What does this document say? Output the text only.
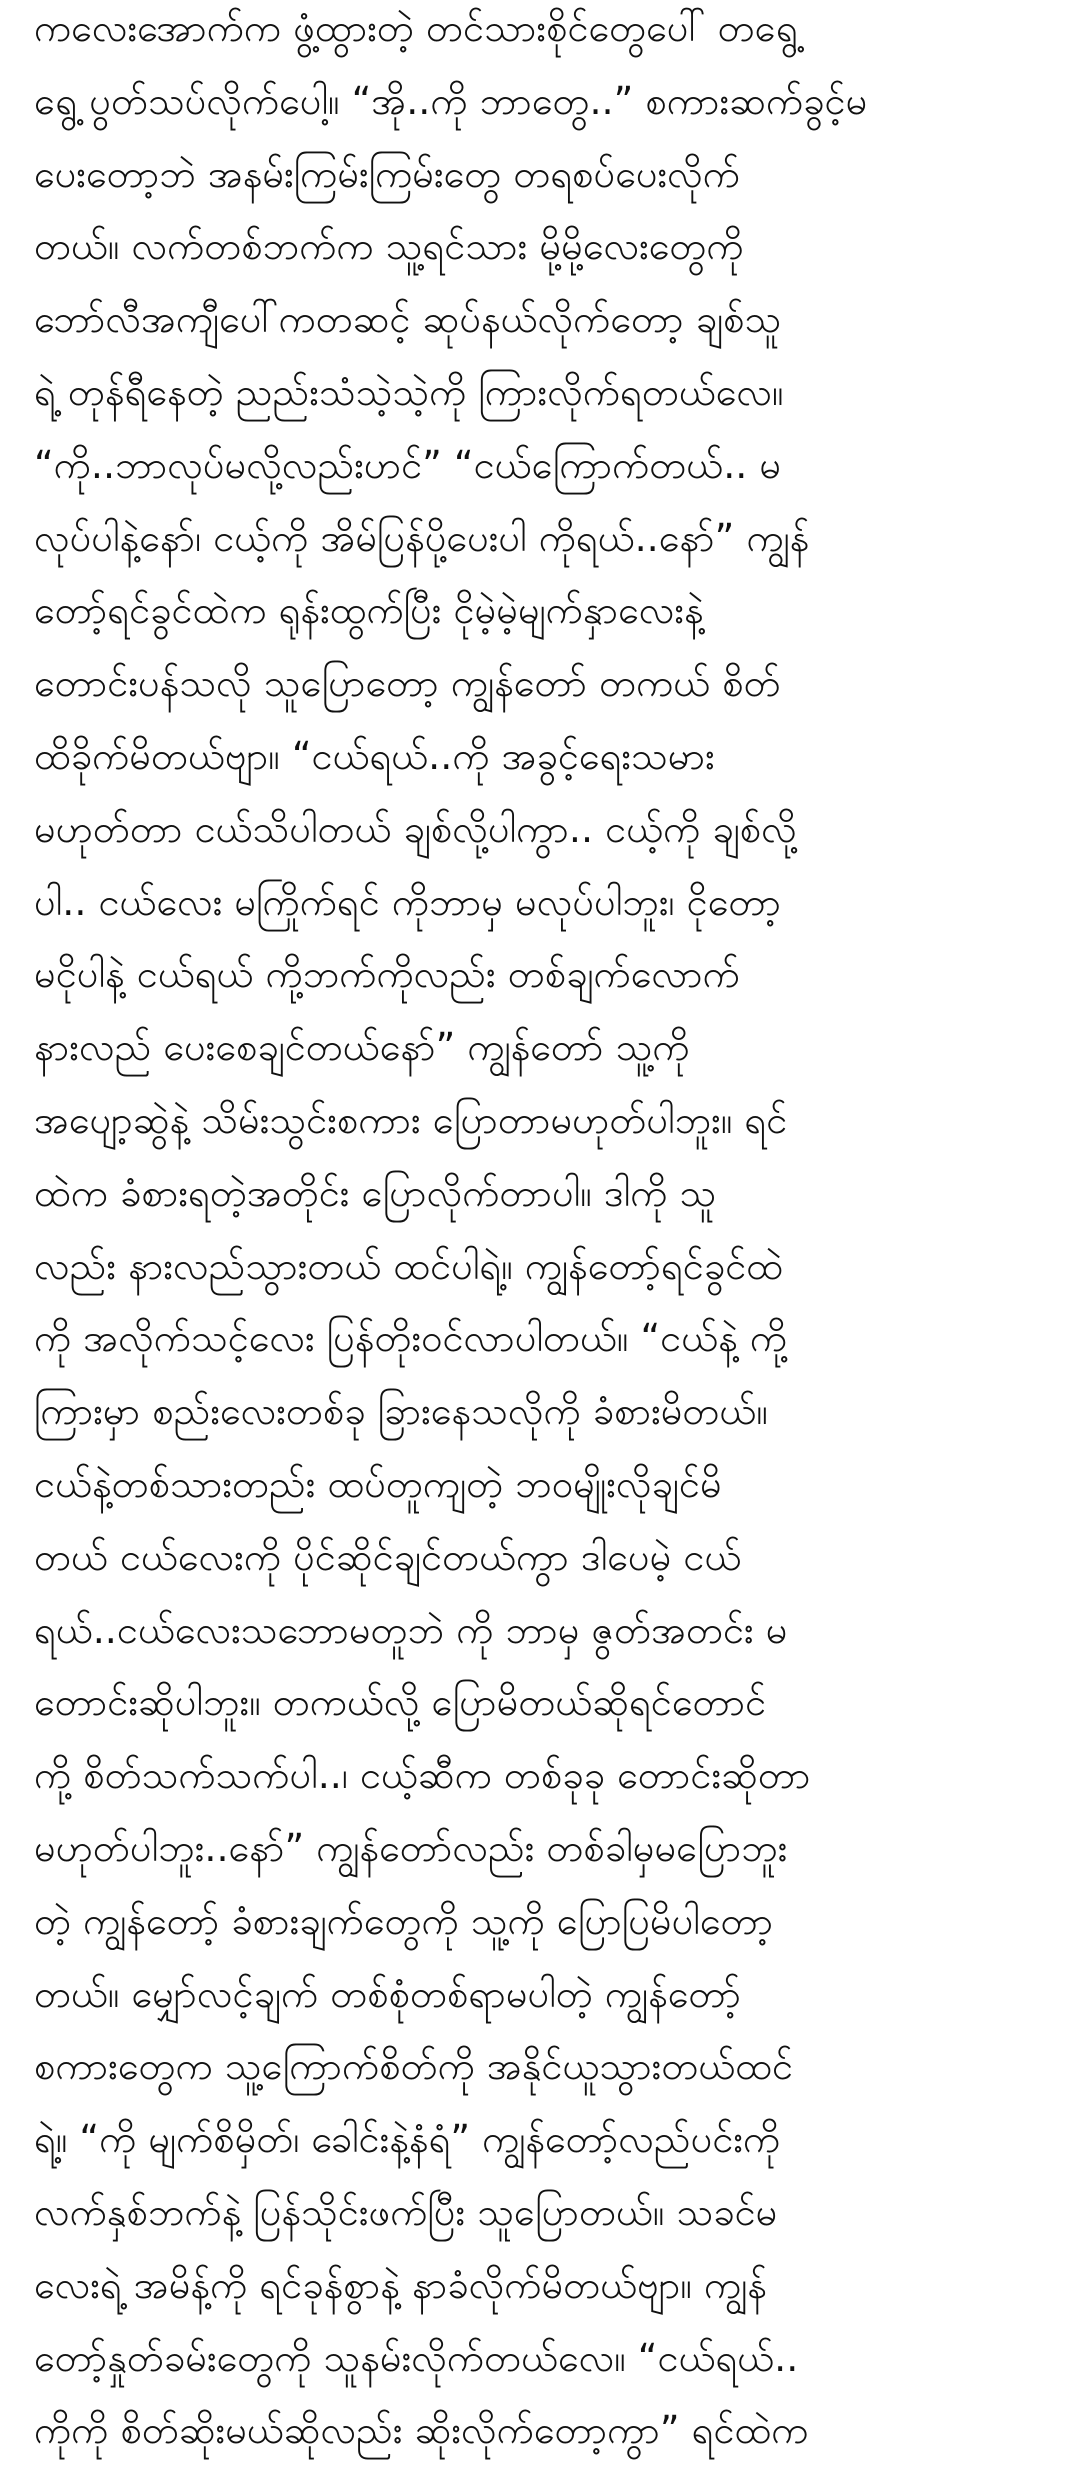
ကလေးအောက်က ဖွံ့ထွားတဲ့ တင်သားစိုင်တွေပေါ် တရွေ့
ရွေ့ ပွတ်သပ်လိုက်ပေါ့။ “အို..ကို ဘာတွေ..” စကားဆက်ခွင့်မ
ပေးတော့ဘဲ အနမ်းကြမ်းကြမ်းတွေ တရစပ်ပေးလိုက်
တယ်။ လက်တစ်ဘက်က သူ့ရင်သား မို့မို့လေးတွေကို
ဘော်လီအကျီပေါ်ကတဆင့် ဆုပ်နယ်လိုက်တော့ ချစ်သူ
ရဲ့ တုန်ရီနေတဲ့ ညည်းသံသဲ့သဲ့ကို ကြားလိုက်ရတယ်လေ။
“ကို..ဘာလုပ်မလို့လည်းဟင်” “ငယ်ကြောက်တယ်.. မ
လုပ်ပါနဲ့နော်၊ ငယ့်ကို အိမ်ပြန်ပို့ပေးပါ ကိုရယ်..နော်” ကျွန်
တော့်ရင်ခွင်ထဲက ရုန်းထွက်ပြီး ငိုမဲ့မဲ့မျက်နှာလေးနဲ့
တောင်းပန်သလို သူပြောတော့ ကျွန်တော် တကယ် စိတ်
ထိခိုက်မိတယ်ဗျာ။ “ငယ်ရယ်..ကို အခွင့်ရေးသမား
မဟုတ်တာ ငယ်သိပါတယ် ချစ်လို့ပါကွာ.. ငယ့်ကို ချစ်လို့
ပါ.. ငယ်လေး မကြိုက်ရင် ကိုဘာမှ မလုပ်ပါဘူး၊ ငိုတော့
မငိုပါနဲ့ ငယ်ရယ် ကို့ဘက်ကိုလည်း တစ်ချက်လောက်
နားလည် ပေးစေချင်တယ်နော်” ကျွန်တော် သူ့ကို
အပျော့ဆွဲနဲ့ သိမ်းသွင်းစကား ပြောတာမဟုတ်ပါဘူး။ ရင်
ထဲက ခံစားရတဲ့အတိုင်း ပြောလိုက်တာပါ။ ဒါကို သူ
လည်း နားလည်သွားတယ် ထင်ပါရဲ့။ ကျွန်တော့်ရင်ခွင်ထဲ
ကို အလိုက်သင့်လေး ပြန်တိုးဝင်လာပါတယ်။ “ငယ်နဲ့ ကို့
ကြားမှာ စည်းလေးတစ်ခု ခြားနေသလိုကို ခံစားမိတယ်။
ငယ်နဲ့တစ်သားတည်း ထပ်တူကျတဲ့ ဘဝမျိုးလိုချင်မိ
တယ် ငယ်လေးကို ပိုင်ဆိုင်ချင်တယ်ကွာ ဒါပေမဲ့ ငယ်
ရယ်..ငယ်လေးသဘောမတူဘဲ ကို ဘာမှ ဇွတ်အတင်း မ
တောင်းဆိုပါဘူး။ တကယ်လို့ ပြောမိတယ်ဆိုရင်တောင်
ကို့ စိတ်သက်သက်ပါ..၊ ငယ့်ဆီက တစ်ခုခု တောင်းဆိုတာ
မဟုတ်ပါဘူး..နော်” ကျွန်တော်လည်း တစ်ခါမှမပြောဘူး
တဲ့ ကျွန်တော့် ခံစားချက်တွေကို သူ့ကို ပြောပြမိပါတော့
တယ်။ မျှော်လင့်ချက် တစ်စုံတစ်ရာမပါတဲ့ ကျွန်တော့်
စကားတွေက သူ့ကြောက်စိတ်ကို အနိုင်ယူသွားတယ်ထင်
ရဲ့။ “ကို မျက်စိမှိတ်၊ ခေါင်းနဲ့နံရံ” ကျွန်တော့်လည်ပင်းကို
လက်နှစ်ဘက်နဲ့ ပြန်သိုင်းဖက်ပြီး သူပြောတယ်။ သခင်မ
လေးရဲ့ အမိန့်ကို ရင်ခုန်စွာနဲ့ နာခံလိုက်မိတယ်ဗျာ။ ကျွန်
တော့်နှုတ်ခမ်းတွေကို သူနမ်းလိုက်တယ်လေ။ “ငယ်ရယ်..
ကိုကို စိတ်ဆိုးမယ်ဆိုလည်း ဆိုးလိုက်တော့ကွာ” ရင်ထဲက
